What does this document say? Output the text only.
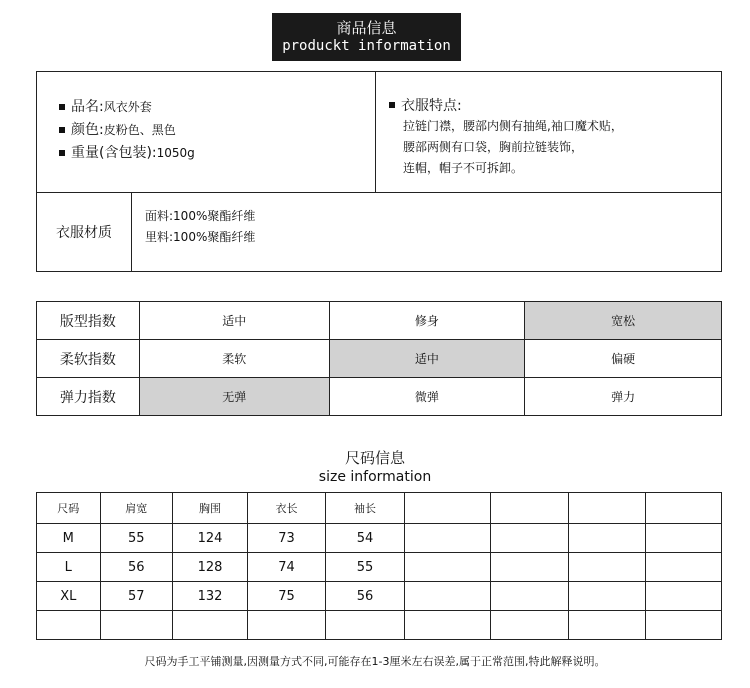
商品信息
produckt information
品名:风衣外套
颜色:皮粉色、黑色
重量(含包装):1050g
衣服特点:
拉链门襟，腰部内侧有抽绳,袖口魔术贴，
腰部两侧有口袋，胸前拉链装饰，
连帽，帽子不可拆卸。
衣服材质
面料:100%聚酯纤维
里料:100%聚酯纤维
版型指数	适中	修身	宽松
柔软指数	柔软	适中	偏硬
弹力指数	无弹	微弹	弹力
尺码信息
size information
尺码	肩宽	胸围	衣长	袖长				
M	55	124	73	54				
L	56	128	74	55				
XL	57	132	75	56				

尺码为手工平铺测量,因测量方式不同,可能存在1-3厘米左右误差,属于正常范围,特此解释说明。
